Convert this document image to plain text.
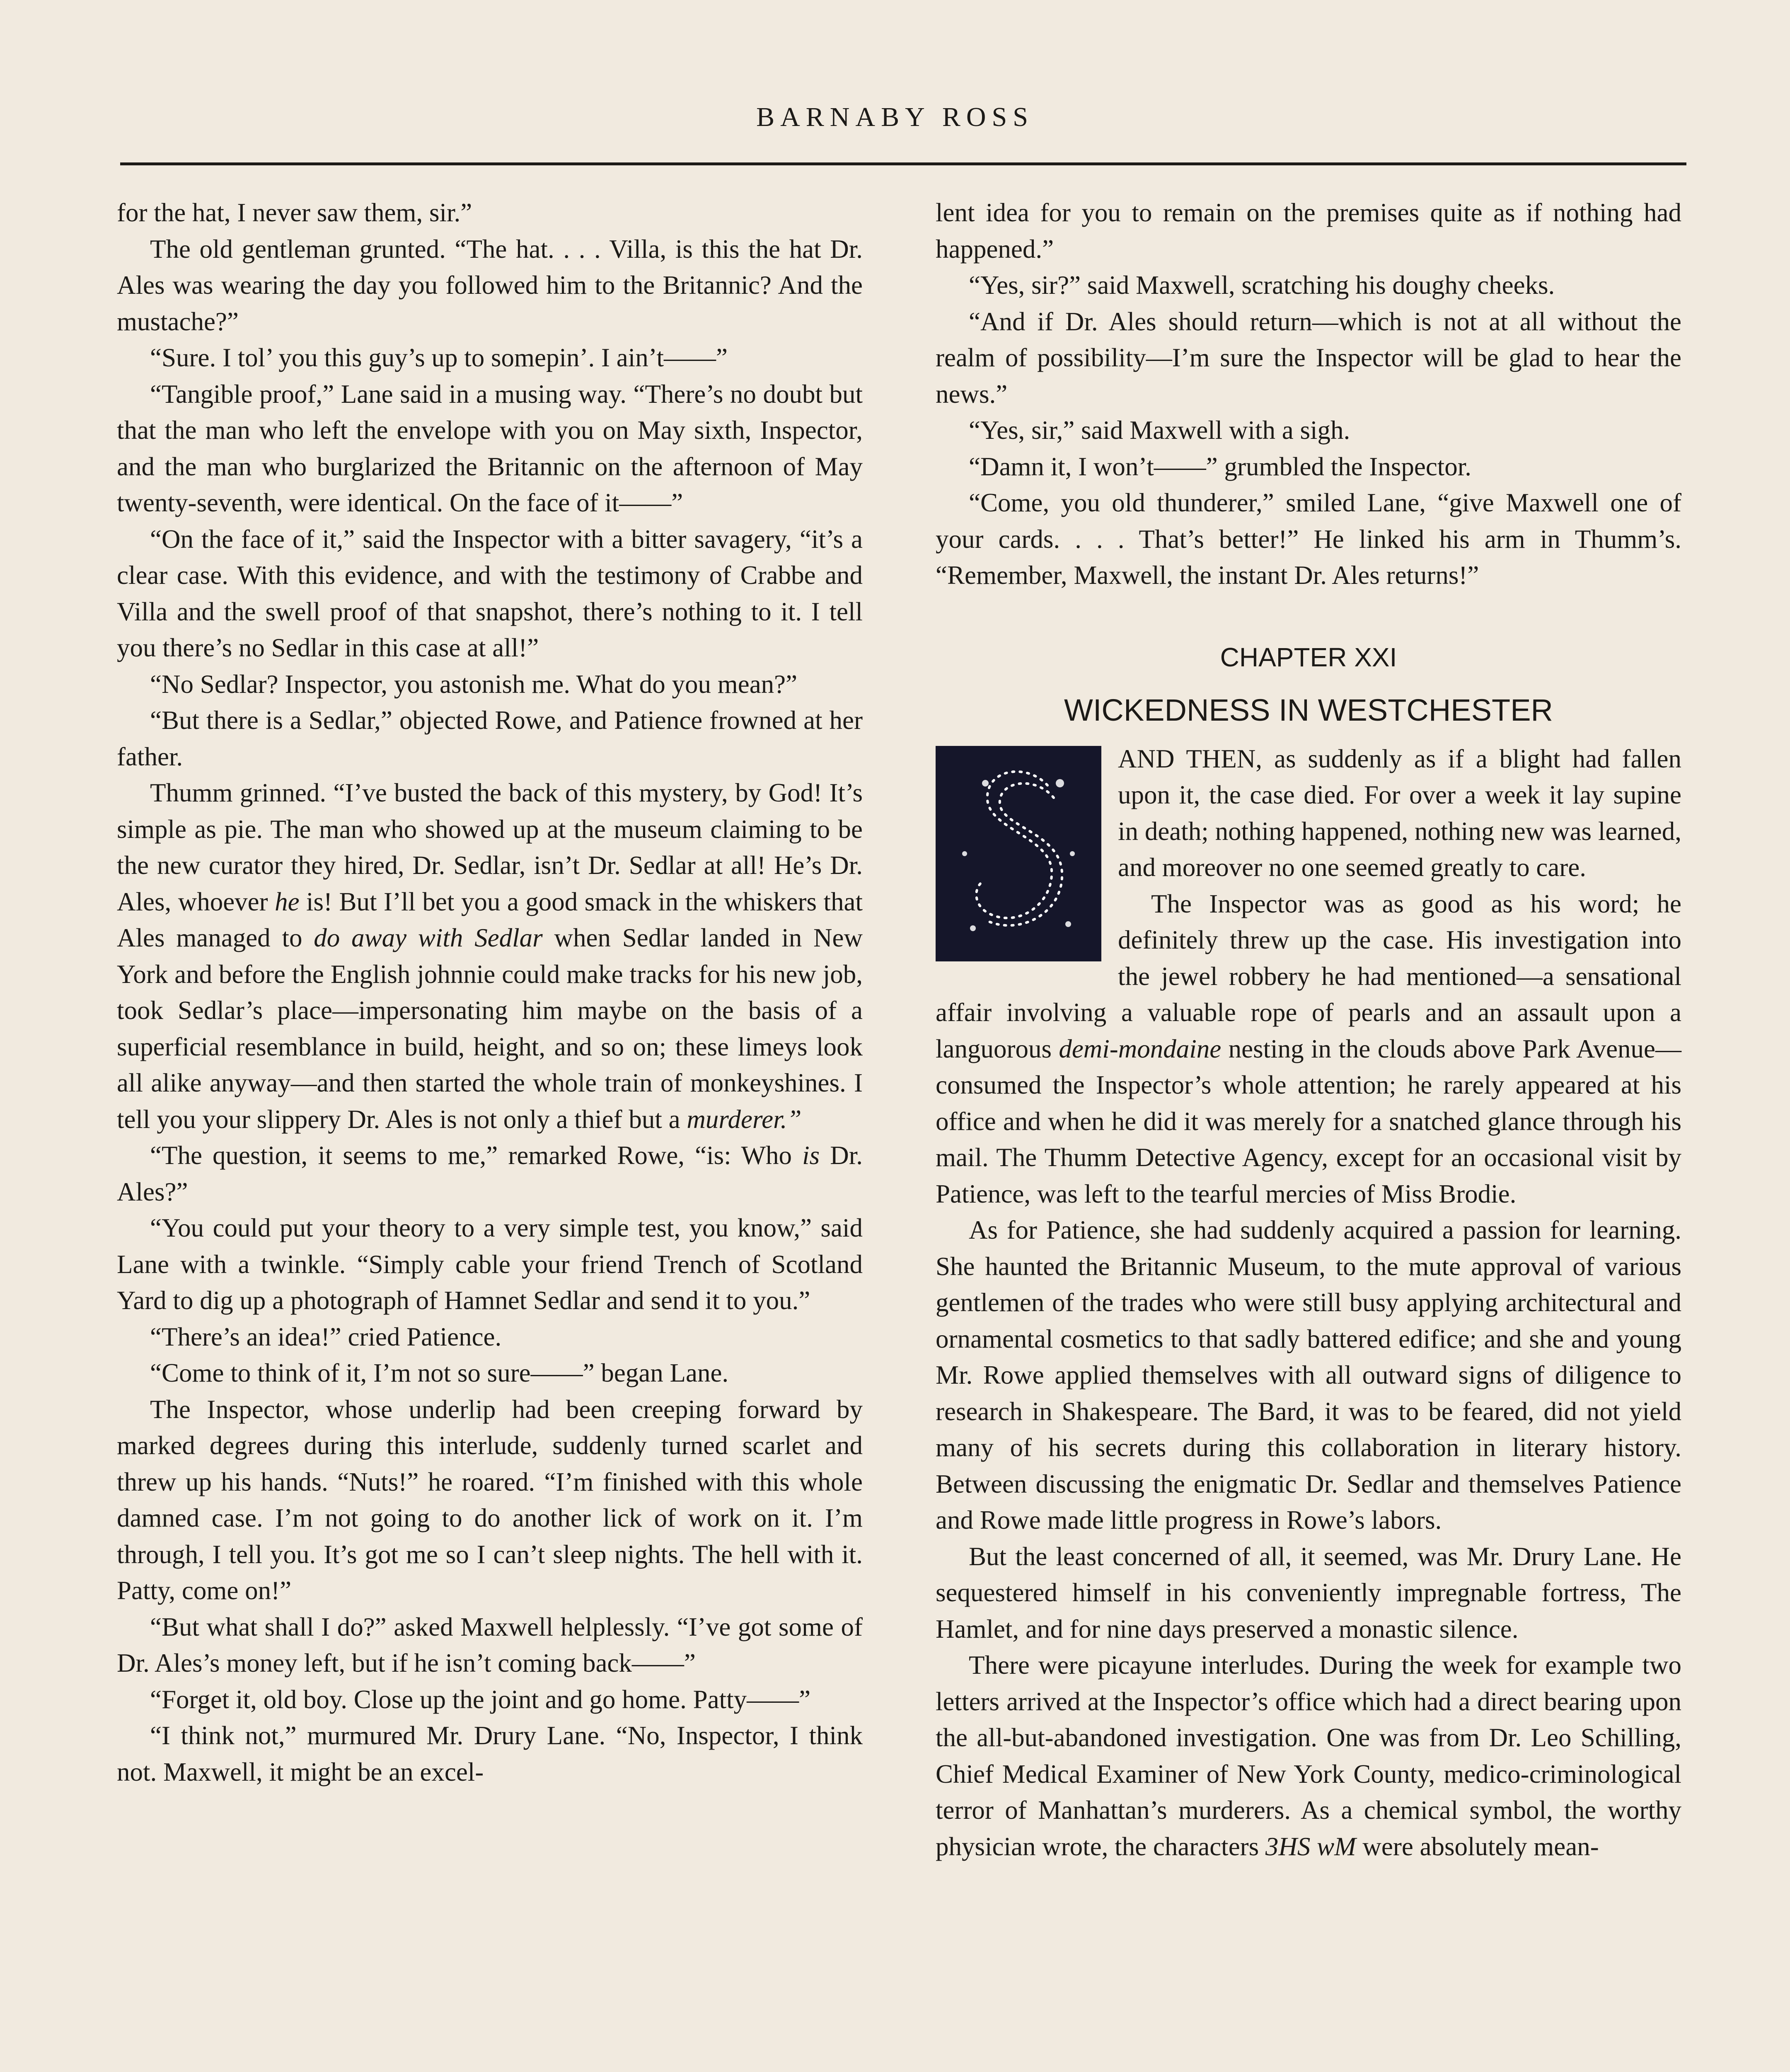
BARNABY ROSS

for the hat, I never saw them, sir.”

The old gentleman grunted. “The hat. . . . Villa, is this the hat Dr. Ales was wearing the day you followed him to the Britannic? And the mustache?”

“Sure. I tol’ you this guy’s up to somepin’. I ain’t——”

“Tangible proof,” Lane said in a musing way. “There’s no doubt but that the man who left the envelope with you on May sixth, Inspector, and the man who burglarized the Britannic on the afternoon of May twenty-seventh, were identical. On the face of it——”

“On the face of it,” said the Inspector with a bitter savagery, “it’s a clear case. With this evidence, and with the testimony of Crabbe and Villa and the swell proof of that snapshot, there’s nothing to it. I tell you there’s no Sedlar in this case at all!”

“No Sedlar? Inspector, you astonish me. What do you mean?”

“But there is a Sedlar,” objected Rowe, and Patience frowned at her father.

Thumm grinned. “I’ve busted the back of this mystery, by God! It’s simple as pie. The man who showed up at the museum claiming to be the new curator they hired, Dr. Sedlar, isn’t Dr. Sedlar at all! He’s Dr. Ales, whoever he is! But I’ll bet you a good smack in the whiskers that Ales managed to do away with Sedlar when Sedlar landed in New York and before the English johnnie could make tracks for his new job, took Sedlar’s place—impersonating him maybe on the basis of a superficial resemblance in build, height, and so on; these limeys look all alike anyway—and then started the whole train of monkeyshines. I tell you your slippery Dr. Ales is not only a thief but a murderer.”

“The question, it seems to me,” remarked Rowe, “is: Who is Dr. Ales?”

“You could put your theory to a very simple test, you know,” said Lane with a twinkle. “Simply cable your friend Trench of Scotland Yard to dig up a photograph of Hamnet Sedlar and send it to you.”

“There’s an idea!” cried Patience.

“Come to think of it, I’m not so sure——” began Lane.

The Inspector, whose underlip had been creeping forward by marked degrees during this interlude, suddenly turned scarlet and threw up his hands. “Nuts!” he roared. “I’m finished with this whole damned case. I’m not going to do another lick of work on it. I’m through, I tell you. It’s got me so I can’t sleep nights. The hell with it. Patty, come on!”

“But what shall I do?” asked Maxwell helplessly. “I’ve got some of Dr. Ales’s money left, but if he isn’t coming back——”

“Forget it, old boy. Close up the joint and go home. Patty——”

“I think not,” murmured Mr. Drury Lane. “No, Inspector, I think not. Maxwell, it might be an excel-

lent idea for you to remain on the premises quite as if nothing had happened.”

“Yes, sir?” said Maxwell, scratching his doughy cheeks.

“And if Dr. Ales should return—which is not at all without the realm of possibility—I’m sure the Inspector will be glad to hear the news.”

“Yes, sir,” said Maxwell with a sigh.

“Damn it, I won’t——” grumbled the Inspector.

“Come, you old thunderer,” smiled Lane, “give Maxwell one of your cards. . . . That’s better!” He linked his arm in Thumm’s. “Remember, Maxwell, the instant Dr. Ales returns!”

CHAPTER XXI
WICKEDNESS IN WESTCHESTER
S

AND THEN, as suddenly as if a blight had fallen upon it, the case died. For over a week it lay supine in death; nothing happened, nothing new was learned, and moreover no one seemed greatly to care.

The Inspector was as good as his word; he definitely threw up the case. His investigation into the jewel robbery he had mentioned—a sensational affair involving a valuable rope of pearls and an assault upon a languorous demi-mondaine nesting in the clouds above Park Avenue—consumed the Inspector’s whole attention; he rarely appeared at his office and when he did it was merely for a snatched glance through his mail. The Thumm Detective Agency, except for an occasional visit by Patience, was left to the tearful mercies of Miss Brodie.

As for Patience, she had suddenly acquired a passion for learning. She haunted the Britannic Museum, to the mute approval of various gentlemen of the trades who were still busy applying architectural and ornamental cosmetics to that sadly battered edifice; and she and young Mr. Rowe applied themselves with all outward signs of diligence to research in Shakespeare. The Bard, it was to be feared, did not yield many of his secrets during this collaboration in literary history. Between discussing the enigmatic Dr. Sedlar and themselves Patience and Rowe made little progress in Rowe’s labors.

But the least concerned of all, it seemed, was Mr. Drury Lane. He sequestered himself in his conveniently impregnable fortress, The Hamlet, and for nine days preserved a monastic silence.

There were picayune interludes. During the week for example two letters arrived at the Inspector’s office which had a direct bearing upon the all-but-abandoned investigation. One was from Dr. Leo Schilling, Chief Medical Examiner of New York County, medico-criminological terror of Manhattan’s murderers. As a chemical symbol, the worthy physician wrote, the characters 3HS wM were absolutely mean-
